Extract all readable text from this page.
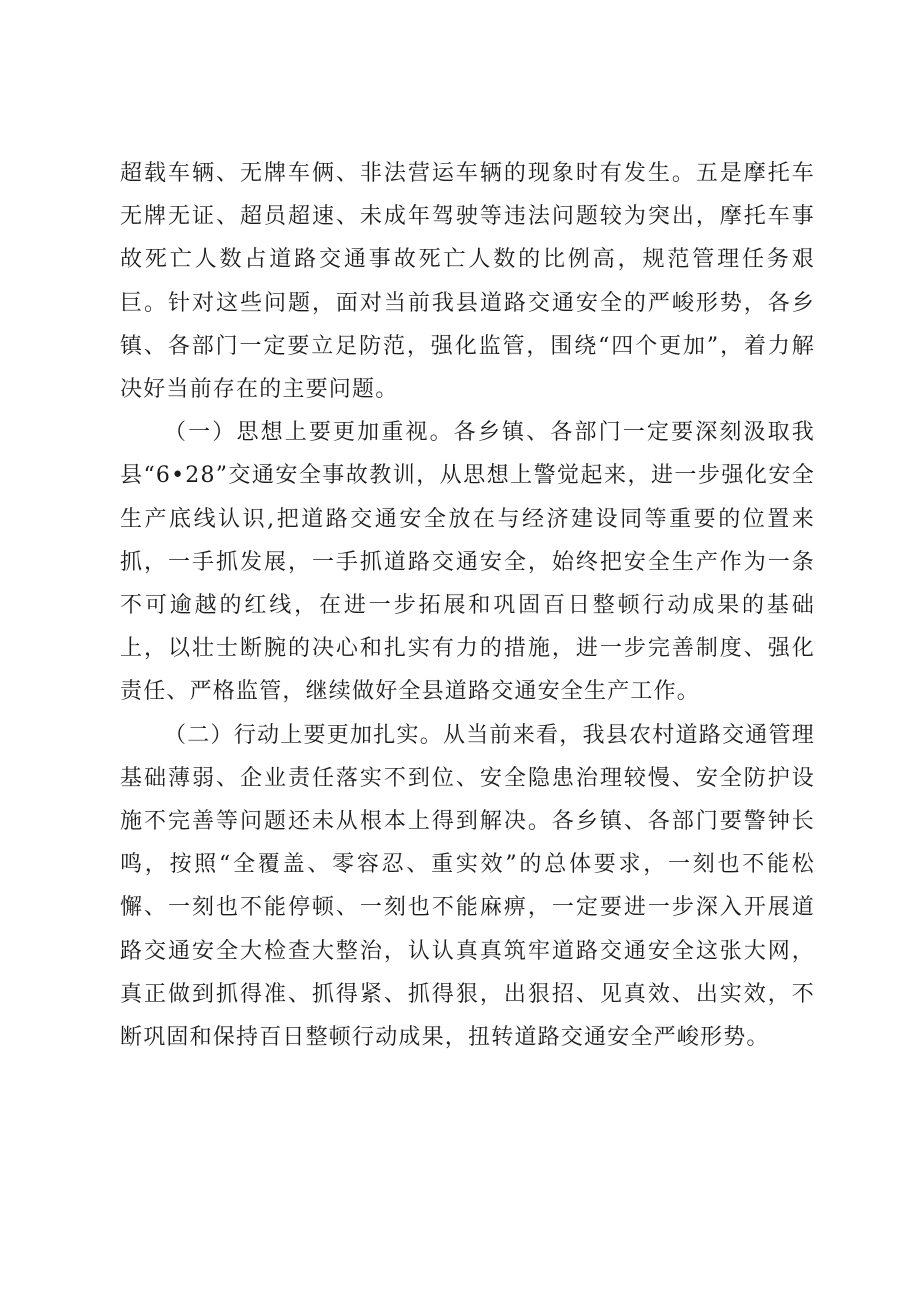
超载车辆、无牌车俩、非法营运车辆的现象时有发生。五是摩托车无牌无证、超员超速、未成年驾驶等违法问题较为突出，摩托车事故死亡人数占道路交通事故死亡人数的比例高，规范管理任务艰巨。针对这些问题，面对当前我县道路交通安全的严峻形势，各乡镇、各部门一定要立足防范，强化监管，围绕“四个更加”，着力解决好当前存在的主要问题。

（一）思想上要更加重视。各乡镇、各部门一定要深刻汲取我县“6•28”交通安全事故教训，从思想上警觉起来，进一步强化安全生产底线认识,把道路交通安全放在与经济建设同等重要的位置来抓，一手抓发展，一手抓道路交通安全，始终把安全生产作为一条不可逾越的红线，在进一步拓展和巩固百日整顿行动成果的基础上，以壮士断腕的决心和扎实有力的措施，进一步完善制度、强化责任、严格监管，继续做好全县道路交通安全生产工作。

（二）行动上要更加扎实。从当前来看，我县农村道路交通管理基础薄弱、企业责任落实不到位、安全隐患治理较慢、安全防护设施不完善等问题还未从根本上得到解决。各乡镇、各部门要警钟长鸣，按照“全覆盖、零容忍、重实效”的总体要求，一刻也不能松懈、一刻也不能停顿、一刻也不能麻痹，一定要进一步深入开展道路交通安全大检查大整治，认认真真筑牢道路交通安全这张大网，真正做到抓得准、抓得紧、抓得狠，出狠招、见真效、出实效，不断巩固和保持百日整顿行动成果，扭转道路交通安全严峻形势。
